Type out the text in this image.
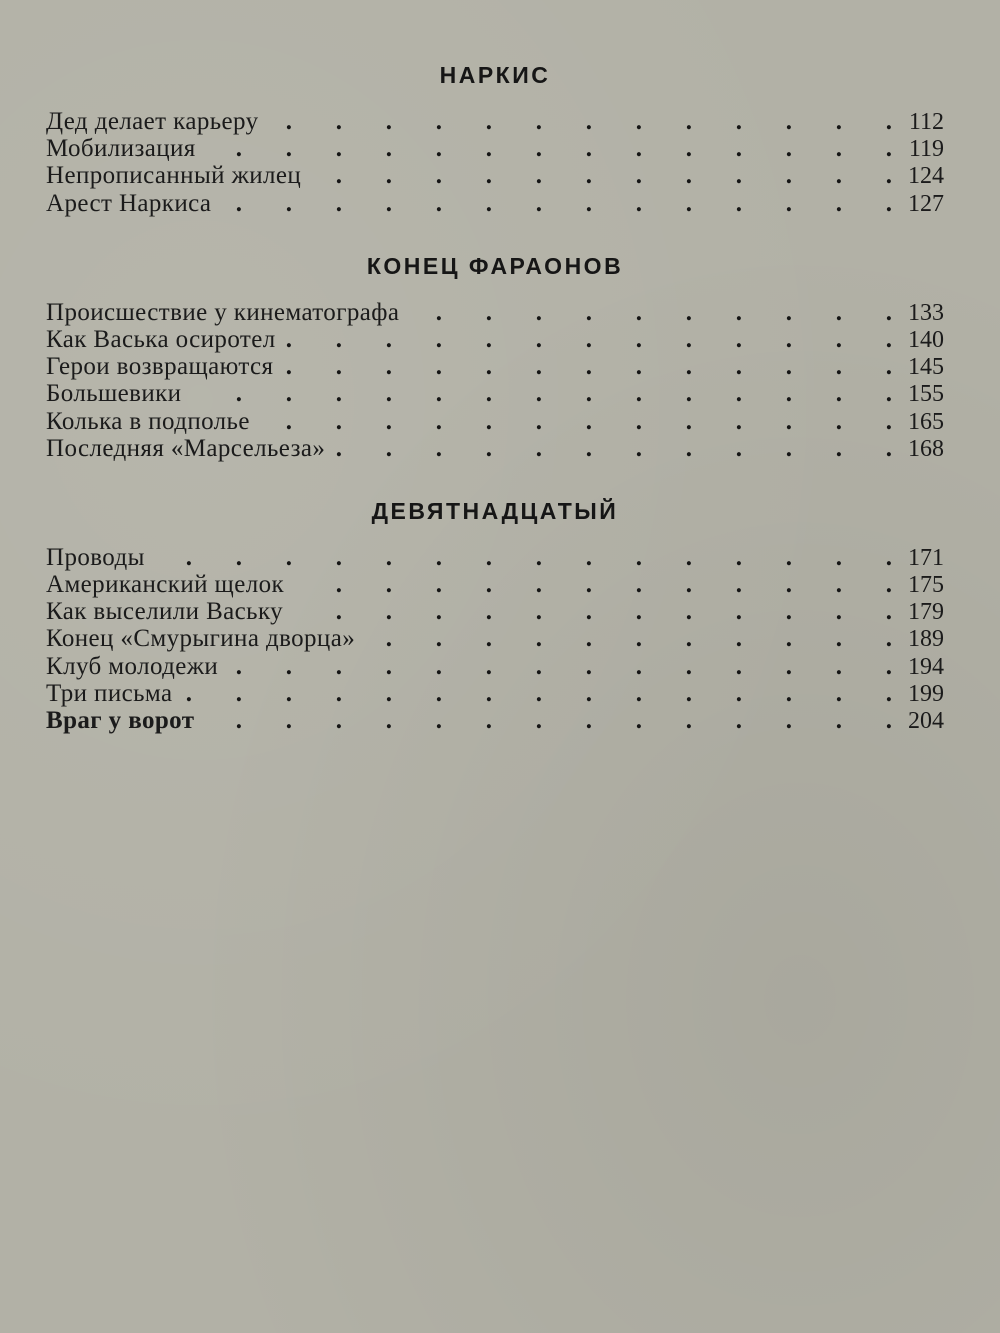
НАРКИС
Дед делает карьеру .	112
Мобилизация .	119
Непрописанный жилец .	124
Арест Наркиса .	127
КОНЕЦ ФАРАОНОВ
Происшествие у кинематографа .	133
Как Васька осиротел .	140
Герои возвращаются .	145
Большевики .	155
Колька в подполье .	165
Последняя «Марсельеза» .	168
ДЕВЯТНАДЦАТЫЙ
Проводы .	171
Американский щелок .	175
Как выселили Ваську .	179
Конец «Смурыгина дворца» .	189
Клуб молодежи .	194
Три письма .	199
Враг у ворот .	204
